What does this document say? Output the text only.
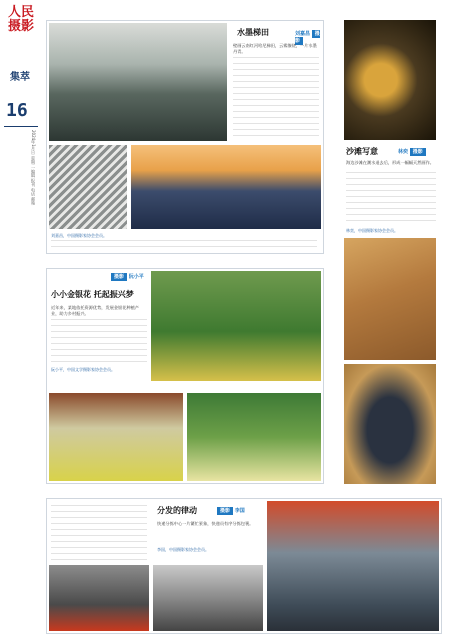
人民摄影
集萃
16
2024年1月日 星期二 编辑 报刊 电话 邮箱
水墨梯田	刘嘉昌 摄影
壁画云南红河哈尼梯田，云雾缭绕，一片水墨丹青。
刘嘉昌，中国摄影家协会会员。
沙滩写意	林奕 摄影
海边沙滩在潮水退去后，形成一幅幅天然画作。
林奕，中国摄影家协会会员。
摄影 阮小平
小小金银花 托起振兴梦
近年来，某地依托资源优势，发展金银花种植产业，助力乡村振兴。
阮小平，中国文学摄影家协会会员。
分发的律动	摄影 李国
快递分拣中心一片繁忙景象，快递员有序分拣包裹。
李国，中国摄影家协会会员。
